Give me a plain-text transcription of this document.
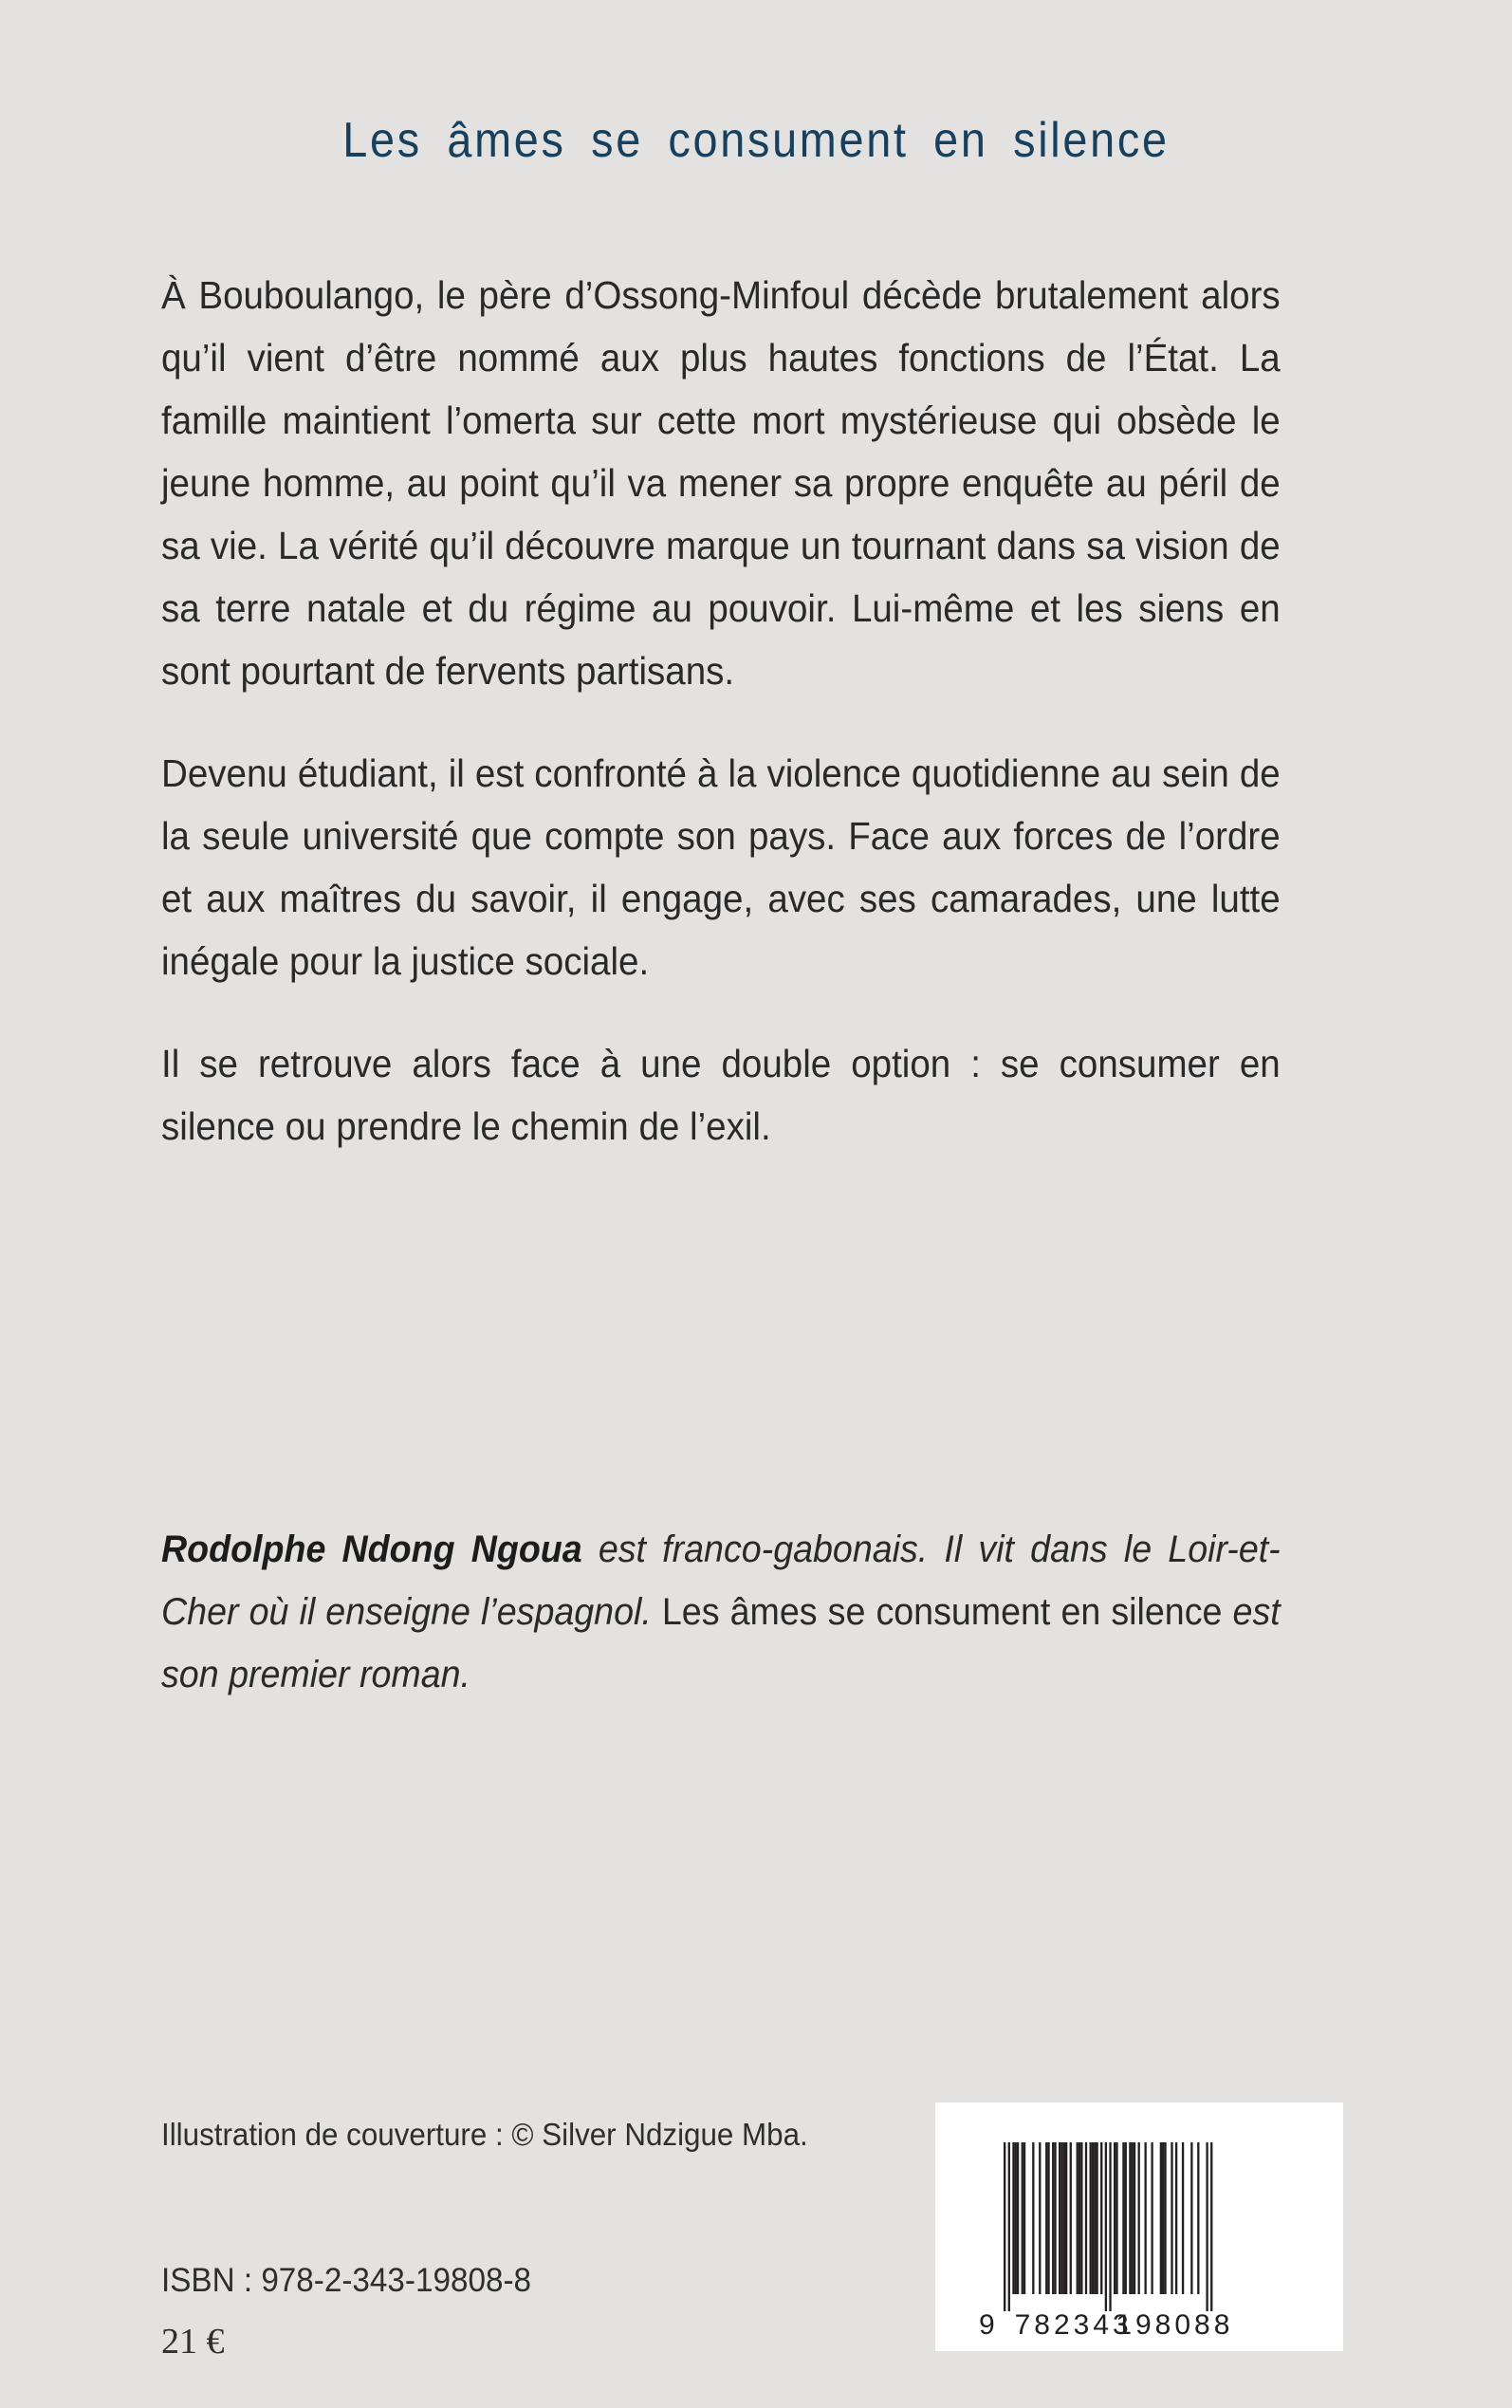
Les âmes se consument en silence

À Bouboulango, le père d’Ossong-Minfoul décède brutalement alors qu’il vient d’être nommé aux plus hautes fonctions de l’État. La famille maintient l’omerta sur cette mort mystérieuse qui obsède le jeune homme, au point qu’il va mener sa propre enquête au péril de sa vie. La vérité qu’il découvre marque un tournant dans sa vision de sa terre natale et du régime au pouvoir. Lui-même et les siens en sont pourtant de fervents partisans.

Devenu étudiant, il est confronté à la violence quotidienne au sein de la seule université que compte son pays. Face aux forces de l’ordre et aux maîtres du savoir, il engage, avec ses camarades, une lutte inégale pour la justice sociale.

Il se retrouve alors face à une double option : se consumer en silence ou prendre le chemin de l’exil.

Rodolphe Ndong Ngoua est franco-gabonais. Il vit dans le Loir-et-Cher où il enseigne l’espagnol. Les âmes se consument en silence est son premier roman.
Illustration de couverture : © Silver Ndzigue Mba.
ISBN : 978-2-343-19808-8
21 €	9 782343
198088
